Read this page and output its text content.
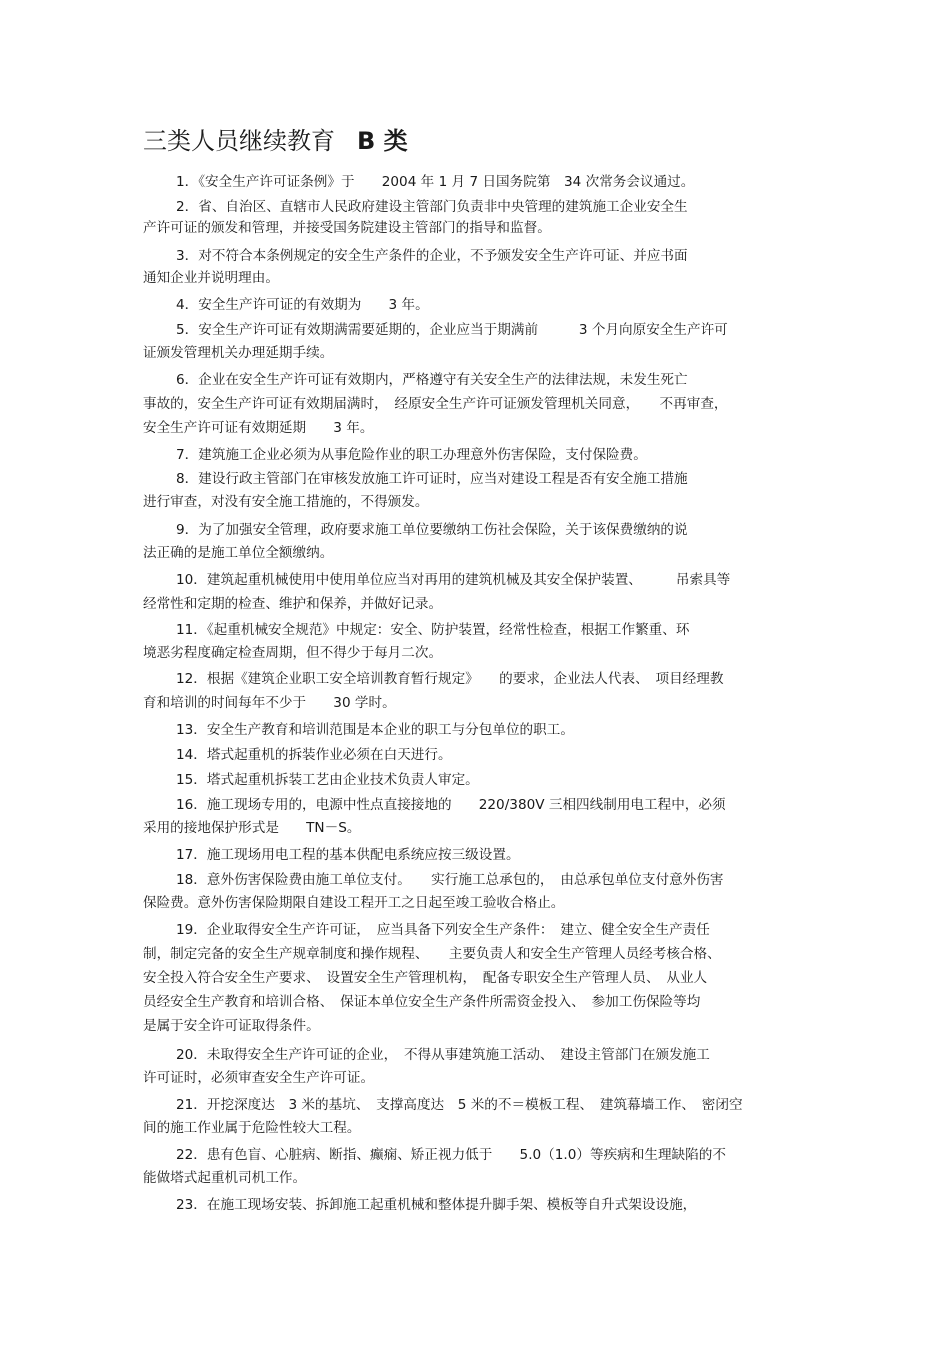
三类人员继续教育 B 类
1．《安全生产许可证条例》于　　2004 年 1 月 7 日国务院第　34 次常务会议通过。
2．省、自治区、直辖市人民政府建设主管部门负责非中央管理的建筑施工企业安全生
产许可证的颁发和管理，并接受国务院建设主管部门的指导和监督。
3．对不符合本条例规定的安全生产条件的企业，不予颁发安全生产许可证、并应书面
通知企业并说明理由。
4．安全生产许可证的有效期为　　3 年。
5．安全生产许可证有效期满需要延期的，企业应当于期满前　　　3 个月向原安全生产许可
证颁发管理机关办理延期手续。
6．企业在安全生产许可证有效期内，严格遵守有关安全生产的法律法规，未发生死亡
事故的，安全生产许可证有效期届满时，　经原安全生产许可证颁发管理机关同意，　　不再审查，
安全生产许可证有效期延期　　3 年。
7．建筑施工企业必须为从事危险作业的职工办理意外伤害保险，支付保险费。
8．建设行政主管部门在审核发放施工许可证时，应当对建设工程是否有安全施工措施
进行审查，对没有安全施工措施的，不得颁发。
9．为了加强安全管理，政府要求施工单位要缴纳工伤社会保险，关于该保费缴纳的说
法正确的是施工单位全额缴纳。
10．建筑起重机械使用中使用单位应当对再用的建筑机械及其安全保护装置、　　　吊索具等
经常性和定期的检查、维护和保养，并做好记录。
11．《起重机械安全规范》中规定：安全、防护装置，经常性检查，根据工作繁重、环
境恶劣程度确定检查周期，但不得少于每月二次。
12．根据《建筑企业职工安全培训教育暂行规定》　　的要求，企业法人代表、　项目经理教
育和培训的时间每年不少于　　30 学时。
13．安全生产教育和培训范围是本企业的职工与分包单位的职工。
14．塔式起重机的拆装作业必须在白天进行。
15．塔式起重机拆装工艺由企业技术负责人审定。
16．施工现场专用的，电源中性点直接接地的　　220/380V 三相四线制用电工程中，必须
采用的接地保护形式是　　TN－S。
17．施工现场用电工程的基本供配电系统应按三级设置。
18．意外伤害保险费由施工单位支付。　　实行施工总承包的，　由总承包单位支付意外伤害
保险费。意外伤害保险期限自建设工程开工之日起至竣工验收合格止。
19．企业取得安全生产许可证，　应当具备下列安全生产条件：　建立、健全安全生产责任
制，制定完备的安全生产规章制度和操作规程、　　主要负责人和安全生产管理人员经考核合格、
安全投入符合安全生产要求、　设置安全生产管理机构，　配备专职安全生产管理人员、　从业人
员经安全生产教育和培训合格、　保证本单位安全生产条件所需资金投入、　参加工伤保险等均
是属于安全许可证取得条件。
20．未取得安全生产许可证的企业，　不得从事建筑施工活动、　建设主管部门在颁发施工
许可证时，必须审查安全生产许可证。
21．开挖深度达　3 米的基坑、　支撑高度达　5 米的不＝模板工程、　建筑幕墙工作、　密闭空
间的施工作业属于危险性较大工程。
22．患有色盲、心脏病、断指、癫痫、矫正视力低于　　5.0（1.0）等疾病和生理缺陷的不
能做塔式起重机司机工作。
23．在施工现场安装、拆卸施工起重机械和整体提升脚手架、模板等自升式架设设施，
